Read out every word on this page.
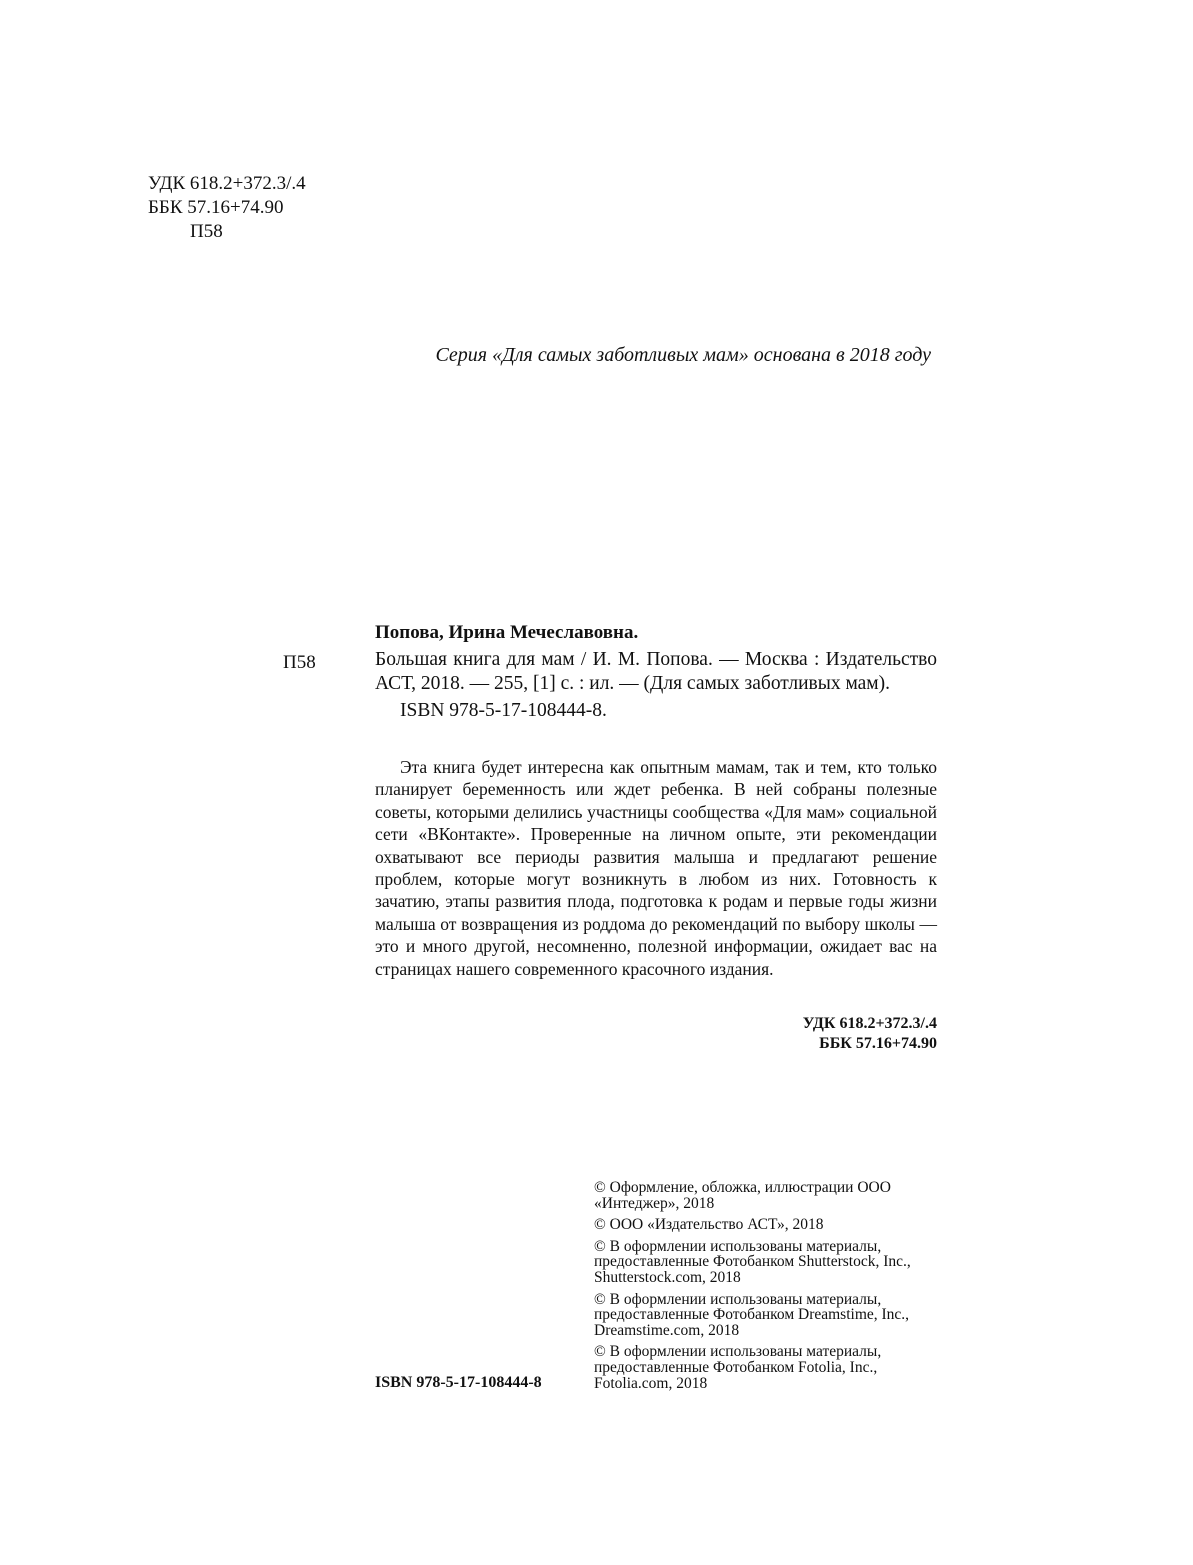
УДК 618.2+372.3/.4
ББК 57.16+74.90
П58
Серия «Для самых заботливых мам» основана в 2018 году
Попова, Ирина Мечеславовна.
П58	Большая книга для мам / И. М. Попова. — Москва : Издательство АСТ, 2018. — 255, [1] с. : ил. — (Для самых заботливых мам).
ISBN 978-5-17-108444-8.
Эта книга будет интересна как опытным мамам, так и тем, кто только планирует беременность или ждет ребенка. В ней собраны полезные советы, которыми делились участницы сообщества «Для мам» социальной сети «ВКонтакте». Проверенные на личном опыте, эти рекомендации охватывают все периоды развития малыша и предлагают решение проблем, которые могут возникнуть в любом из них. Готовность к зачатию, этапы развития плода, подготовка к родам и первые годы жизни малыша от возвращения из роддома до рекомендаций по выбору школы — это и много другой, несомненно, полезной информации, ожидает вас на страницах нашего современного красочного издания.
УДК 618.2+372.3/.4
ББК 57.16+74.90
© Оформление, обложка, иллюстрации ООО «Интеджер», 2018
© ООО «Издательство АСТ», 2018
© В оформлении использованы материалы, предоставленные Фотобанком Shutterstock, Inc., Shutterstock.com, 2018
© В оформлении использованы материалы, предоставленные Фотобанком Dreamstime, Inc., Dreamstime.com, 2018
© В оформлении использованы материалы, предоставленные Фотобанком Fotolia, Inc., Fotolia.com, 2018
ISBN 978-5-17-108444-8
